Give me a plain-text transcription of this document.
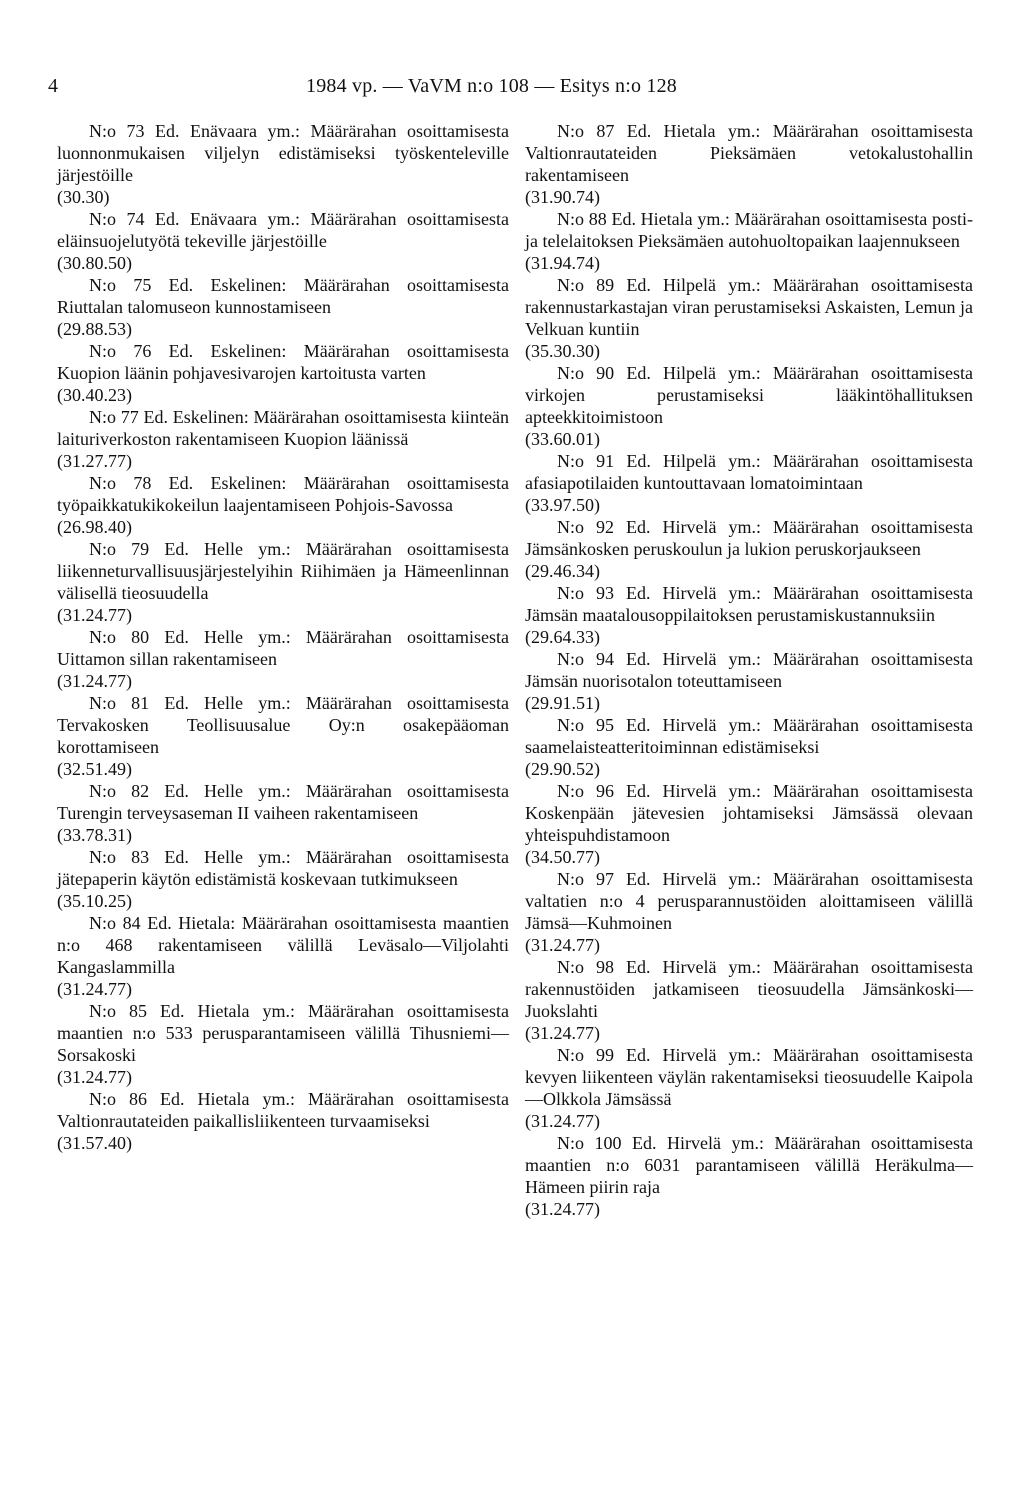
4	1984 vp. — VaVM n:o 108 — Esitys n:o 128

N:o 73 Ed. Enävaara ym.: Määrärahan osoittamisesta luonnonmukaisen viljelyn edistämiseksi työskenteleville järjestöille

(30.30)

N:o 74 Ed. Enävaara ym.: Määrärahan osoittamisesta eläinsuojelutyötä tekeville järjestöille

(30.80.50)

N:o 75 Ed. Eskelinen: Määrärahan osoittamisesta Riuttalan talomuseon kunnostamiseen

(29.88.53)

N:o 76 Ed. Eskelinen: Määrärahan osoittamisesta Kuopion läänin pohjavesivarojen kartoitusta varten

(30.40.23)

N:o 77 Ed. Eskelinen: Määrärahan osoittamisesta kiinteän laituriverkoston rakentamiseen Kuopion läänissä

(31.27.77)

N:o 78 Ed. Eskelinen: Määrärahan osoittamisesta työpaikkatukikokeilun laajentamiseen Pohjois-Savossa

(26.98.40)

N:o 79 Ed. Helle ym.: Määrärahan osoittamisesta liikenneturvallisuusjärjestelyihin Riihimäen ja Hämeenlinnan välisellä tieosuudella

(31.24.77)

N:o 80 Ed. Helle ym.: Määrärahan osoittamisesta Uittamon sillan rakentamiseen

(31.24.77)

N:o 81 Ed. Helle ym.: Määrärahan osoittamisesta Tervakosken Teollisuusalue Oy:n osakepääoman korottamiseen

(32.51.49)

N:o 82 Ed. Helle ym.: Määrärahan osoittamisesta Turengin terveysaseman II vaiheen rakentamiseen

(33.78.31)

N:o 83 Ed. Helle ym.: Määrärahan osoittamisesta jätepaperin käytön edistämistä koskevaan tutkimukseen

(35.10.25)

N:o 84 Ed. Hietala: Määrärahan osoittamisesta maantien n:o 468 rakentamiseen välillä Leväsalo—Viljolahti Kangaslammilla

(31.24.77)

N:o 85 Ed. Hietala ym.: Määrärahan osoittamisesta maantien n:o 533 perusparantamiseen välillä Tihusniemi—Sorsakoski

(31.24.77)

N:o 86 Ed. Hietala ym.: Määrärahan osoittamisesta Valtionrautateiden paikallisliikenteen turvaamiseksi

(31.57.40)

N:o 87 Ed. Hietala ym.: Määrärahan osoittamisesta Valtionrautateiden Pieksämäen vetokalustohallin rakentamiseen

(31.90.74)

N:o 88 Ed. Hietala ym.: Määrärahan osoittamisesta posti- ja telelaitoksen Pieksämäen autohuoltopaikan laajennukseen

(31.94.74)

N:o 89 Ed. Hilpelä ym.: Määrärahan osoittamisesta rakennustarkastajan viran perustamiseksi Askaisten, Lemun ja Velkuan kuntiin

(35.30.30)

N:o 90 Ed. Hilpelä ym.: Määrärahan osoittamisesta virkojen perustamiseksi lääkintöhallituksen apteekkitoimistoon

(33.60.01)

N:o 91 Ed. Hilpelä ym.: Määrärahan osoittamisesta afasiapotilaiden kuntouttavaan lomatoimintaan

(33.97.50)

N:o 92 Ed. Hirvelä ym.: Määrärahan osoittamisesta Jämsänkosken peruskoulun ja lukion peruskorjaukseen

(29.46.34)

N:o 93 Ed. Hirvelä ym.: Määrärahan osoittamisesta Jämsän maatalousoppilaitoksen perustamiskustannuksiin

(29.64.33)

N:o 94 Ed. Hirvelä ym.: Määrärahan osoittamisesta Jämsän nuorisotalon toteuttamiseen

(29.91.51)

N:o 95 Ed. Hirvelä ym.: Määrärahan osoittamisesta saamelaisteatteritoiminnan edistämiseksi

(29.90.52)

N:o 96 Ed. Hirvelä ym.: Määrärahan osoittamisesta Koskenpään jätevesien johtamiseksi Jämsässä olevaan yhteispuhdistamoon

(34.50.77)

N:o 97 Ed. Hirvelä ym.: Määrärahan osoittamisesta valtatien n:o 4 perusparannustöiden aloittamiseen välillä Jämsä—Kuhmoinen

(31.24.77)

N:o 98 Ed. Hirvelä ym.: Määrärahan osoittamisesta rakennustöiden jatkamiseen tieosuudella Jämsänkoski—Juokslahti

(31.24.77)

N:o 99 Ed. Hirvelä ym.: Määrärahan osoittamisesta kevyen liikenteen väylän rakentamiseksi tieosuudelle Kaipola—Olkkola Jämsässä

(31.24.77)

N:o 100 Ed. Hirvelä ym.: Määrärahan osoittamisesta maantien n:o 6031 parantamiseen välillä Heräkulma—Hämeen piirin raja

(31.24.77)
